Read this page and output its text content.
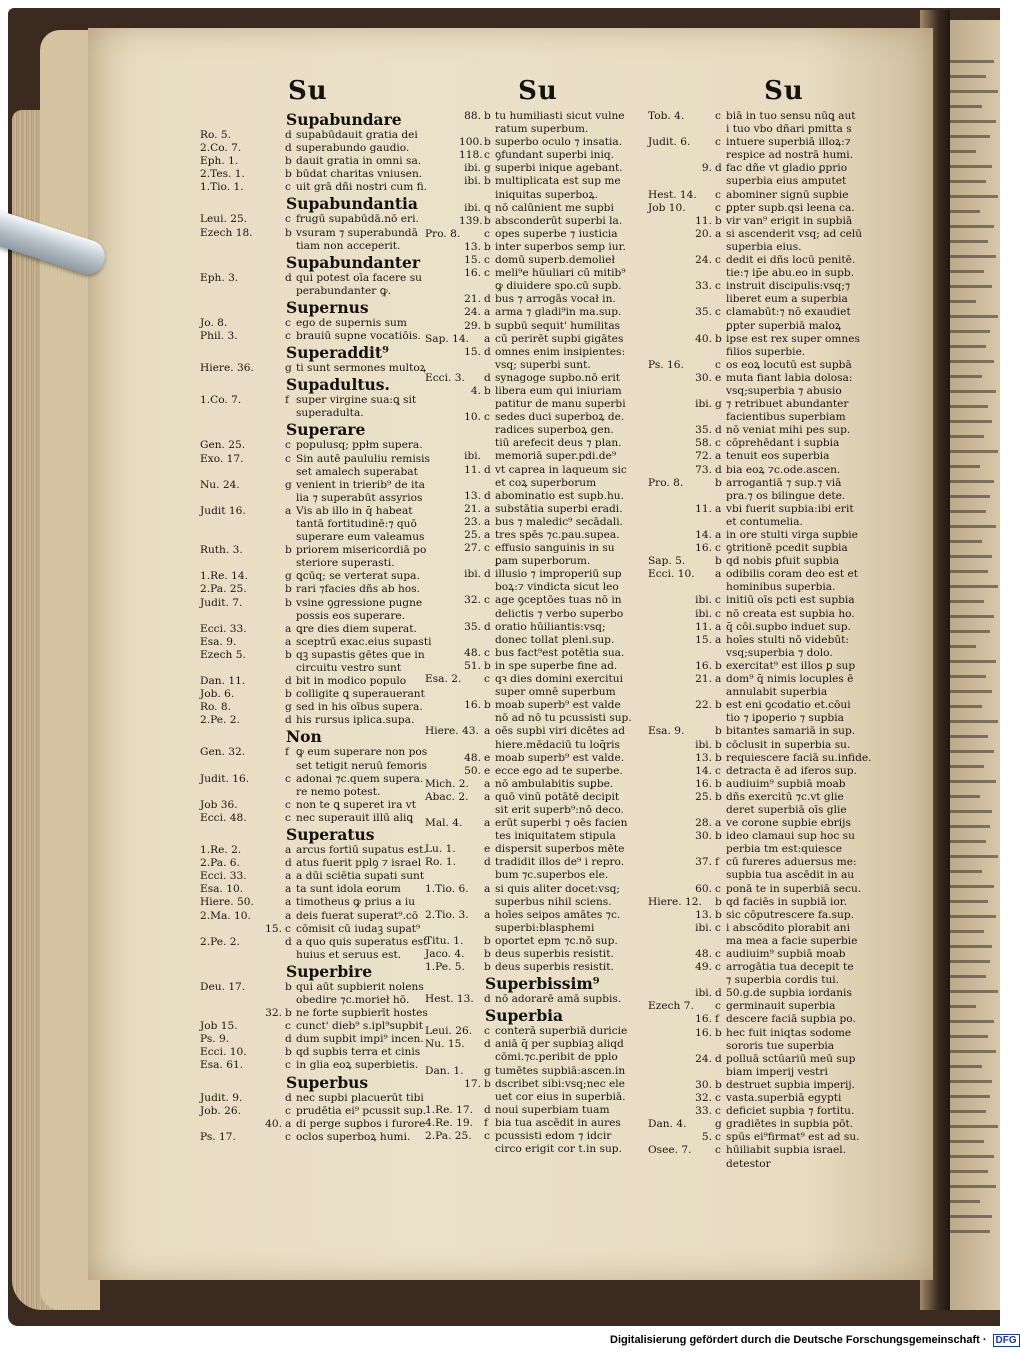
Su
Supabundare
Ro. 5.	d supabūdauit gratia dei
2.Co. 7.	d superabundo gaudio.
Eph. 1.	b dauit gratia in omni sa.
2.Tes. 1.	b būdat charitas vniusen.
1.Tio. 1.	c uit grā dñi nostri cum fi.
Supabundantia
Leui. 25.	c frugū supabūdā.nō eri.
Ezech 18.	b vsuram ⁊ superabundā
tiam non acceperit.
Supabundanter
Eph. 3.	d qui potest oīa facere su
perabundanter ꝙ.
Supernus
Jo. 8.	c ego de supernis sum
Phil. 3.	c brauiū supne vocatiōis.
Superaddit⁹
Hiere. 36.	g ti sunt sermones multoꝝ
Supadultus.
1.Co. 7.	f super virgine sua:ꝗ sit
superadulta.
Superare
Gen. 25.	c populusq; ppłm supera.
Exo. 17.	c Sin autē paululiu remisis
set amalech superabat
Nu. 24.	g venient in trierib⁹ de ita
lia ⁊ superabūt assyrios
Judit 16.	a Vis ab illo in q̄ habeat
tantā fortitudinē:⁊ quō
superare eum valeamus
Ruth. 3.	b priorem misericordiā po
steriore superasti.
1.Re. 14.	g ꝗcūq; se verterat supa.
2.Pa. 25.	b rari ⁊facies dñs ab hos.
Judit. 7.	b vsine ꝯgressione pugne
possis eos superare.
Ecci. 33.	a ꝗre dies diem superat.
Esa. 9.	a sceptrū exac.eius supasti
Ezech 5.	b qꝫ supastis gētes que in
circuitu vestro sunt
Dan. 11.	d bit in modico populo
Job. 6.	b colligite ꝗ superauerant
Ro. 8.	g sed in his oībus supera.
2.Pe. 2.	d his rursus iplica.supa.
Non
Gen. 32.	f ꝙ eum superare non pos
set tetigit neruū femoris
Judit. 16.	c adonai ⁊c.quem supera.
re nemo potest.
Job 36.	c non te ꝗ superet ira vt
Ecci. 48.	c nec superauit illū aliꝗ
Superatus
1.Re. 2.	a arcus fortiū supatus est.
2.Pa. 6.	d atus fuerit pplꝯ ⁊ israel
Ecci. 33.	a a dūi sciētia supati sunt
Esa. 10.	a ta sunt idola eorum
Hiere. 50.	a timotheus ꝙ prius a iu
2.Ma. 10.	a deis fuerat superat⁹.cō
15. c cōmisit cū iudaꝫ supat⁹
2.Pe. 2.	d a quo quis superatus est
huius et seruus est.
Superbire
Deu. 17.	b qui aūt supbierit nolens
obedire ⁊c.morieł hō.
32. b ne forte supbierīt hostes
Job 15.	c cunct' dieb⁹ s.ipl⁹supbit
Ps. 9.	d dum supbit impi⁹ incen.
Ecci. 10.	b qd supbis terra et cinis
Esa. 61.	c in glia eoꝝ superbietis.
Superbus
Judit. 9.	d nec supbi placuerūt tibi
Job. 26.	c prudētia ei⁹ pcussit sup.
40. a di perge suꝑbos i furore
Ps. 17.	c oclos superboꝝ humi.
Su
88. b tu humiliasti sicut vulne
ratum superbum.
100. b superbo oculo ⁊ insatia.
118. c ꝯfundant superbi iniq.
ibi. g superbi inique agebant.
ibi. b multiplicata est sup me
iniquitas superboꝝ.
ibi. q nō calūnient me supbi
139. b absconderūt superbi la.
Pro. 8. c opes superbe ⁊ iusticia
13. b inter superbos semp iur.
15. c domū superb.demolieł
16. c meli⁹e hūuliari cū mitib⁹
ꝙ diuidere spo.cū supb.
21. d bus ⁊ arrogās vocał in.
24. a arma ⁊ gladi⁹in ma.sup.
29. b supbū sequit' humilitas
Sap. 14. a cū perirēt supbi gigātes
15. d omnes enim insipientes:
vsq; superbi sunt.
Ecci. 3. d synagoge supbo.nō erit
4. b libera eum qui iniuriam
patitur de manu superbi
10. c sedes duci superboꝝ de.
radices superboꝝ gen.
tiū arefecit deus ⁊ plan.
ibi. memoriā super.pdi.de⁹
11. d vt caprea in laqueum sic
et coꝝ superborum
13. d abominatio est supb.hu.
21. a substātia superbi eradi.
23. a bus ⁊ maledic⁹ secādali.
25. a tres spēs ⁊c.pau.supea.
27. c effusio sanguinis in su
ꝑam superborum.
ibi. d illusio ⁊ improperiū sup
boꝝ:⁊ vindicta sicut leo
32. c age ꝯceptōes tuas nō in
delictis ⁊ verbo superbo
35. d oratio hūiliantis:vsq;
donec tollat pleni.sup.
48. c bus fact⁹est potētia sua.
51. b in spe superbe fine ad.
Esa. 2. c qꝛ dies domini exercitui
super omnē superbum
16. b moab superb⁹ est valde
nō ad nō tu pcussisti sup.
Hiere. 43. a oēs supbi viri dicētes ad
hiere.mēdaciū tu loq̄ris
48. e moab superb⁹ est valde.
50. e ecce ego ad te superbe.
Mich. 2. a nō ambulabitis suꝑbe.
Abac. 2. a quō vinū potātē decipit
sit erit superb⁹:nō deco.
Mal. 4. a erūt superbi ⁊ oēs facien
tes iniquitatem stipula
Lu. 1.	e dispersit superbos mēte
Ro. 1.	d tradidit illos de⁹ i repro.
bum ⁊c.superbos ele.
1.Tio. 6. a si quis aliter docet:vsq;
superbus nihil sciens.
2.Tio. 3. a hoīes seipos amātes ⁊c.
superbi:blasphemi
Titu. 1. b oportet epm ⁊c.nō sup.
Jaco. 4. b deus superbis resistit.
1.Pe. 5. b deus superbis resistit.
Superbissim⁹
Hest. 13. d nō adorarē amā supbis.
Superbia
Leui. 26. c conterā superbiā duricie
Nu. 15. d aniā q̄ per supbiaꝫ aliqd
cōmi.⁊c.peribit de pplo
Dan. 1. g tumētes supbiā:ascen.in
17. b dscribet sibi:vsq;nec ele
uet cor eius in superbiā.
1.Re. 17. d noui superbiam tuam
4.Re. 19. f bia tua ascēdit in aures
2.Pa. 25. c pcussisti edom ⁊ idcir
circo erigit cor t.in sup.
Su
Tob. 4.	c biā in tuo sensu nūꝗ aut
i tuo vbo dñari pmitta s
Judit. 6. c intuere superbiā illoꝝ:⁊
respice ad nostrā humi.
9. d fac dñe vt gladio ꝑprio
superbia eius amputet
Hest. 14. c abominer signū supbie
Job 10.	c ꝑpter supb.qsi leena ca.
11. b vir van⁹ erigit in supbiā
20. a si ascenderit vsq; ad celū
superbia eius.
24. c dedit ei dñs locū penitē.
tie:⁊ ip̄e abu.eo in supb.
33. c instruit discipulis:vsq;⁊
liberet eum a superbia
35. c clamabūt:⁊ nō exaudiet
ꝑpter superbiā maloꝝ
40. b ipse est rex super omnes
filios superbie.
Ps. 16.	c os eoꝝ locutū est supbā
30. e muta fiant labia dolosa:
vsq;superbia ⁊ abusio
ibi. g ⁊ retribuet abundanter
facientibus superbiam
35. d nō veniat mihi pes sup.
58. c cōprehēdant i supbia
72. a tenuit eos superbia
73. d bia eoꝝ ⁊c.ode.ascen.
Pro. 8.	b arrogantiā ⁊ sup.⁊ viā
pra.⁊ os bilingue dete.
11. a vbi fuerit supbia:ibi erit
et contumelia.
14. a in ore stulti virga supbie
16. c ꝯtritionē pcedit supbia
Sap. 5.	b qd nobis ꝑfuit supbia
Ecci. 10. a odibilis coram deo est et
hominibus superbia.
ibi. c initiū oīs pcti est supbia
ibi. c nō creata est supbia ho.
11. a q̄ cōi.supbo induet sup.
15. a hoīes stulti nō videbūt:
vsq;superbia ⁊ dolo.
16. b exercitat⁹ est illos ꝑ sup
21. a dom⁹ q̄ nimis locuples ē
annulabit superbia
22. b est eni ꝯcodatio et.cōui
tio ⁊ iꝑoperio ⁊ supbia
Esa. 9.	b bitantes samariā in sup.
ibi. b cōclusit in superbia su.
13. b requiescere faciā su.infide.
14. c detracta ē ad iferos sup.
16. b audiuim⁹ supbiā moab
25. b dñs exercitū ⁊c.vt glie
deret superbiā oīs glie
28. a ve corone supbie ebrijs
30. b ideo clamaui sup hoc su
perbia tm est:quiesce
37. f cū fureres aduersus me:
supbia tua ascēdit in au
60. c ponā te in superbiā secu.
Hiere. 12. b qd faciēs in supbiā ior.
13. b sic cōputrescere fa.sup.
ibi. c i abscōdito plorabit ani
ma mea a facie superbie
48. c audiuim⁹ supbiā moab
49. c arrogātia tua decepit te
⁊ superbia cordis tui.
ibi. d 50.g.de supbia iordanis
Ezech 7. c germinauit superbia
16. f descere faciā supbia po.
16. b hec fuit iniqtas sodome
sororis tue superbia
24. d polluā sctūariū meū sup
biam imperij vestri
30. b destruet supbia imperij.
32. c vasta.superbiā egypti
33. c deficiet supbia ⁊ fortitu.
Dan. 4.	g gradiētes in supbia pōt.
5. c spūs ei⁹firmat⁹ est ad su.
Osee. 7. c hūiliabit supbia israel.
detestor
Digitalisierung gefördert durch die Deutsche Forschungsgemeinschaft · DFG
